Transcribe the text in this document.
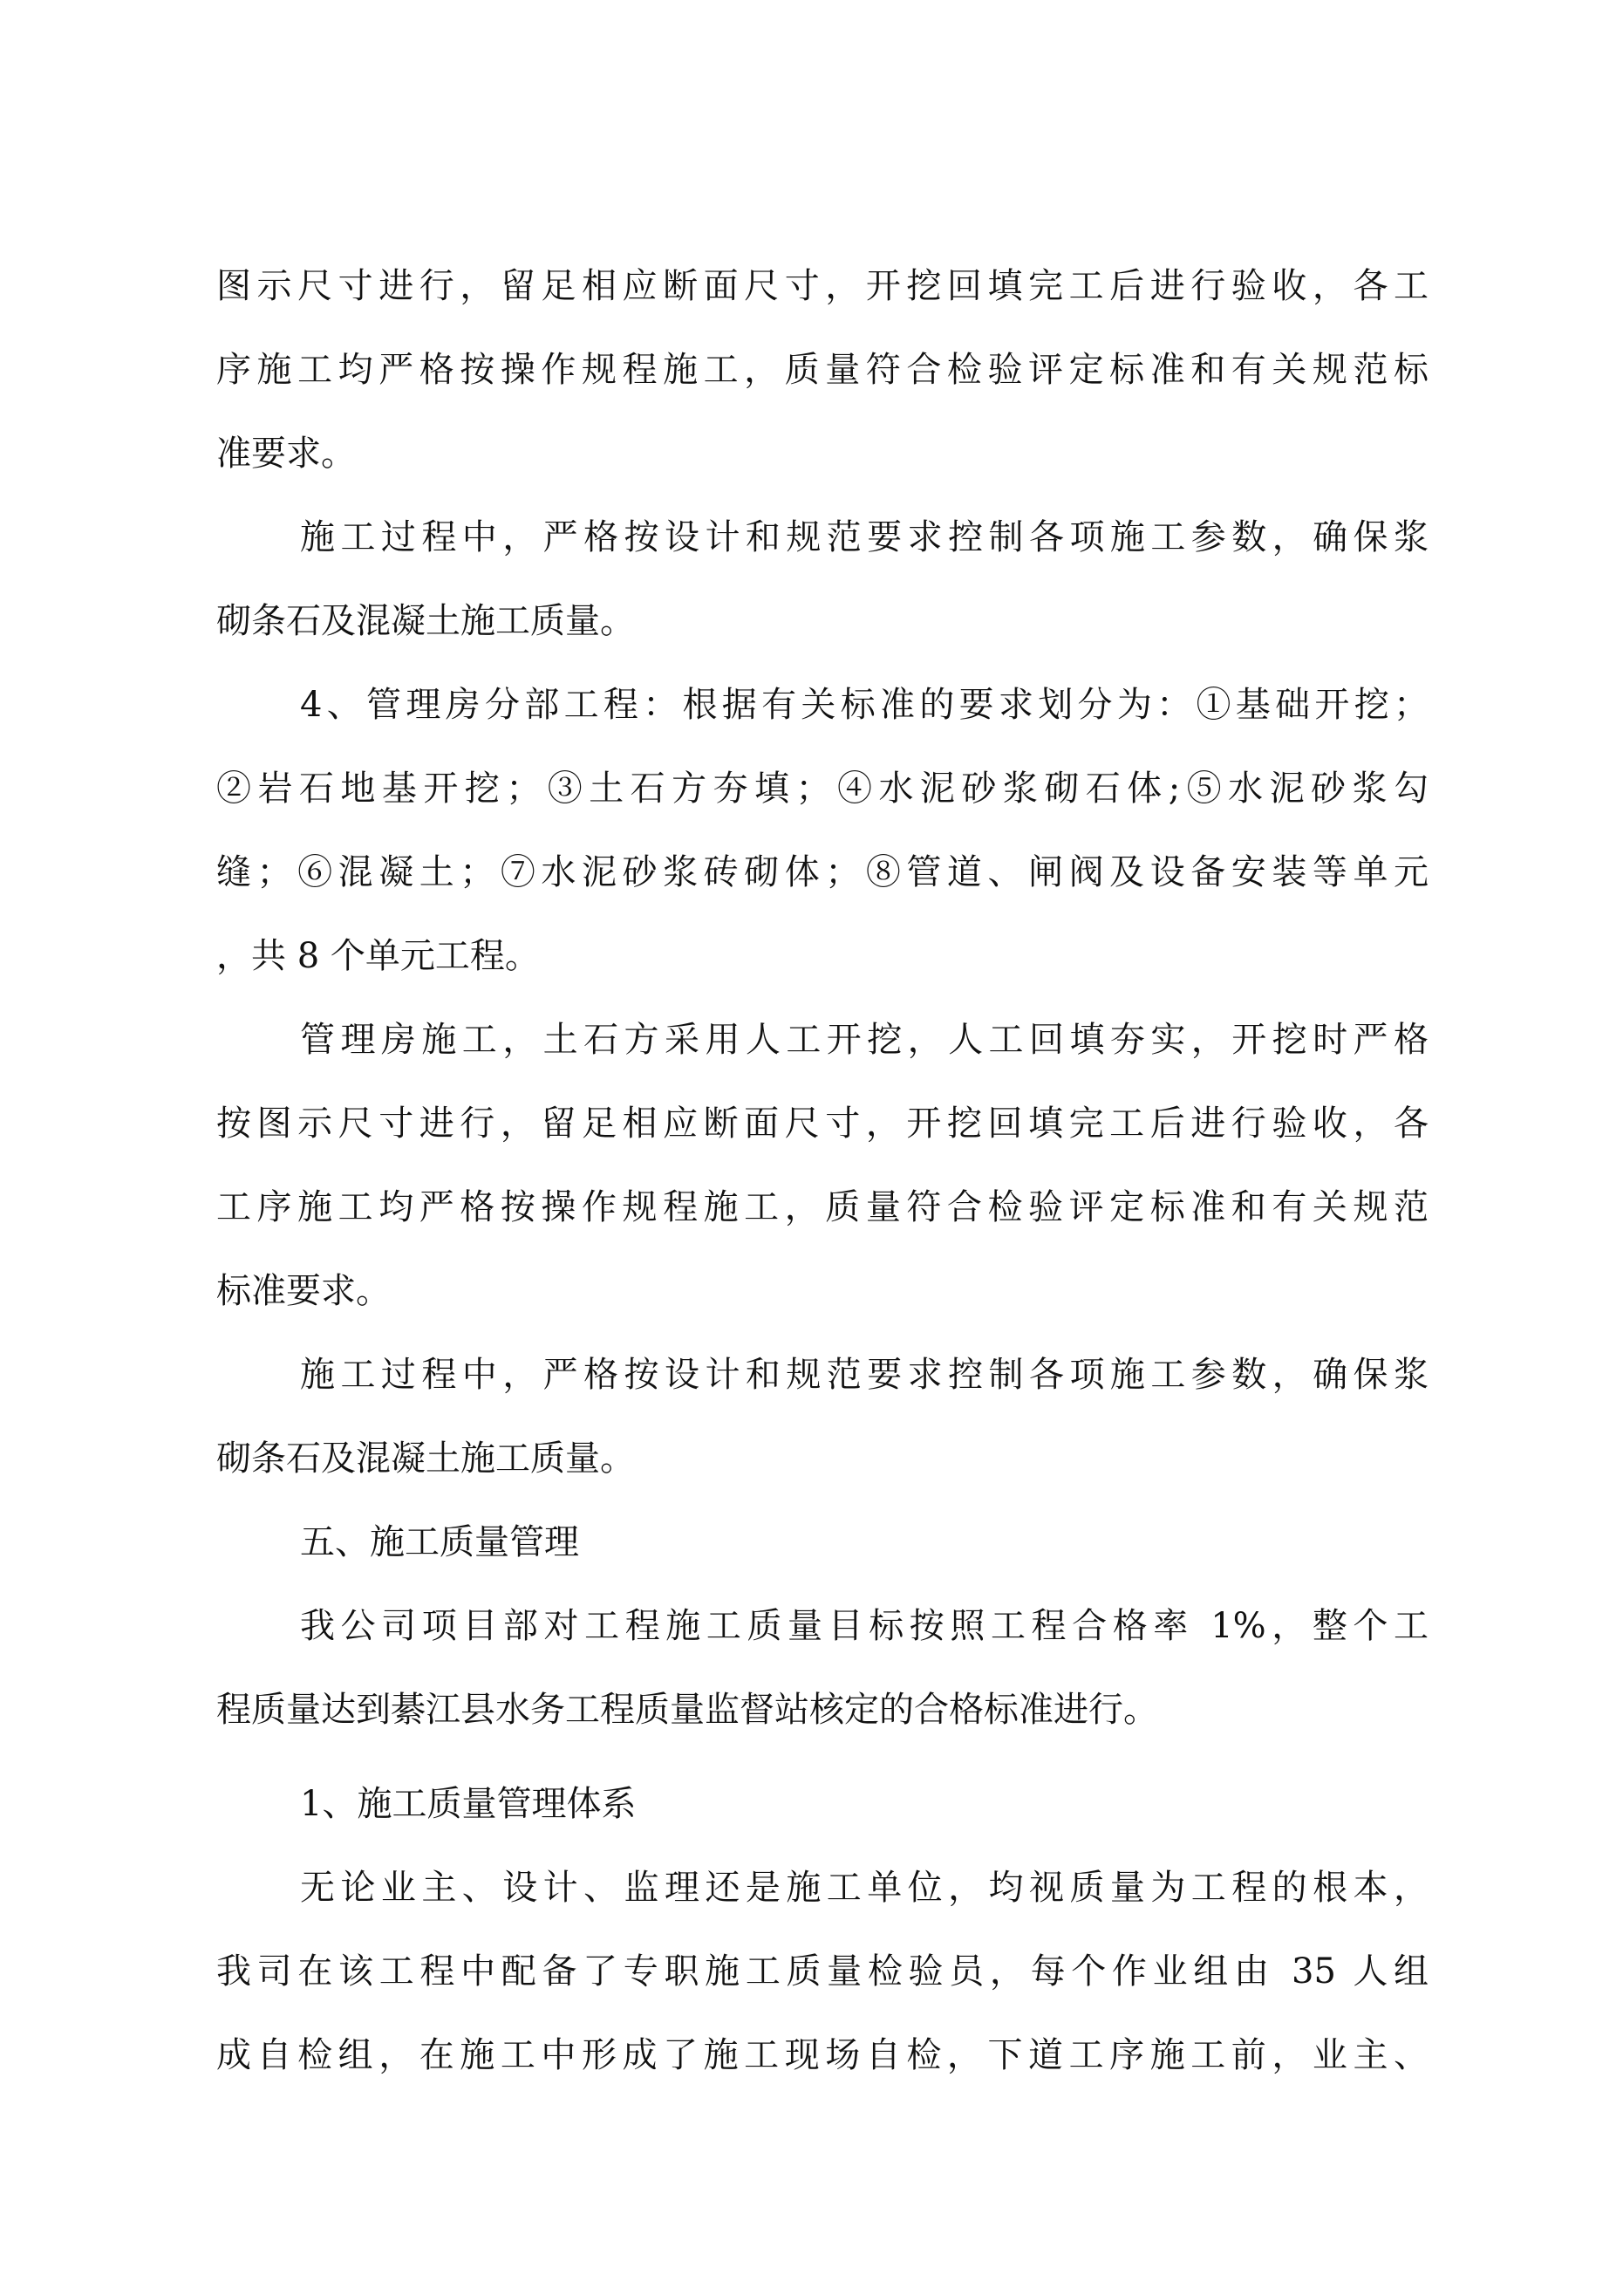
图示尺寸进行，留足相应断面尺寸，开挖回填完工后进行验收，各工
序施工均严格按操作规程施工，质量符合检验评定标准和有关规范标
准要求。
施工过程中，严格按设计和规范要求控制各项施工参数，确保浆
砌条石及混凝土施工质量。
4、管理房分部工程：根据有关标准的要求划分为：①基础开挖；
②岩石地基开挖；③土石方夯填；④水泥砂浆砌石体;⑤水泥砂浆勾
缝；⑥混凝土；⑦水泥砂浆砖砌体；⑧管道、闸阀及设备安装等单元
，共 8 个单元工程。
管理房施工，土石方采用人工开挖，人工回填夯实，开挖时严格
按图示尺寸进行，留足相应断面尺寸，开挖回填完工后进行验收，各
工序施工均严格按操作规程施工，质量符合检验评定标准和有关规范
标准要求。
施工过程中，严格按设计和规范要求控制各项施工参数，确保浆
砌条石及混凝土施工质量。
五、施工质量管理
我公司项目部对工程施工质量目标按照工程合格率 1%，整个工
程质量达到綦江县水务工程质量监督站核定的合格标准进行。
1、施工质量管理体系
无论业主、设计、监理还是施工单位，均视质量为工程的根本，
我司在该工程中配备了专职施工质量检验员，每个作业组由 35 人组
成自检组，在施工中形成了施工现场自检，下道工序施工前，业主、
